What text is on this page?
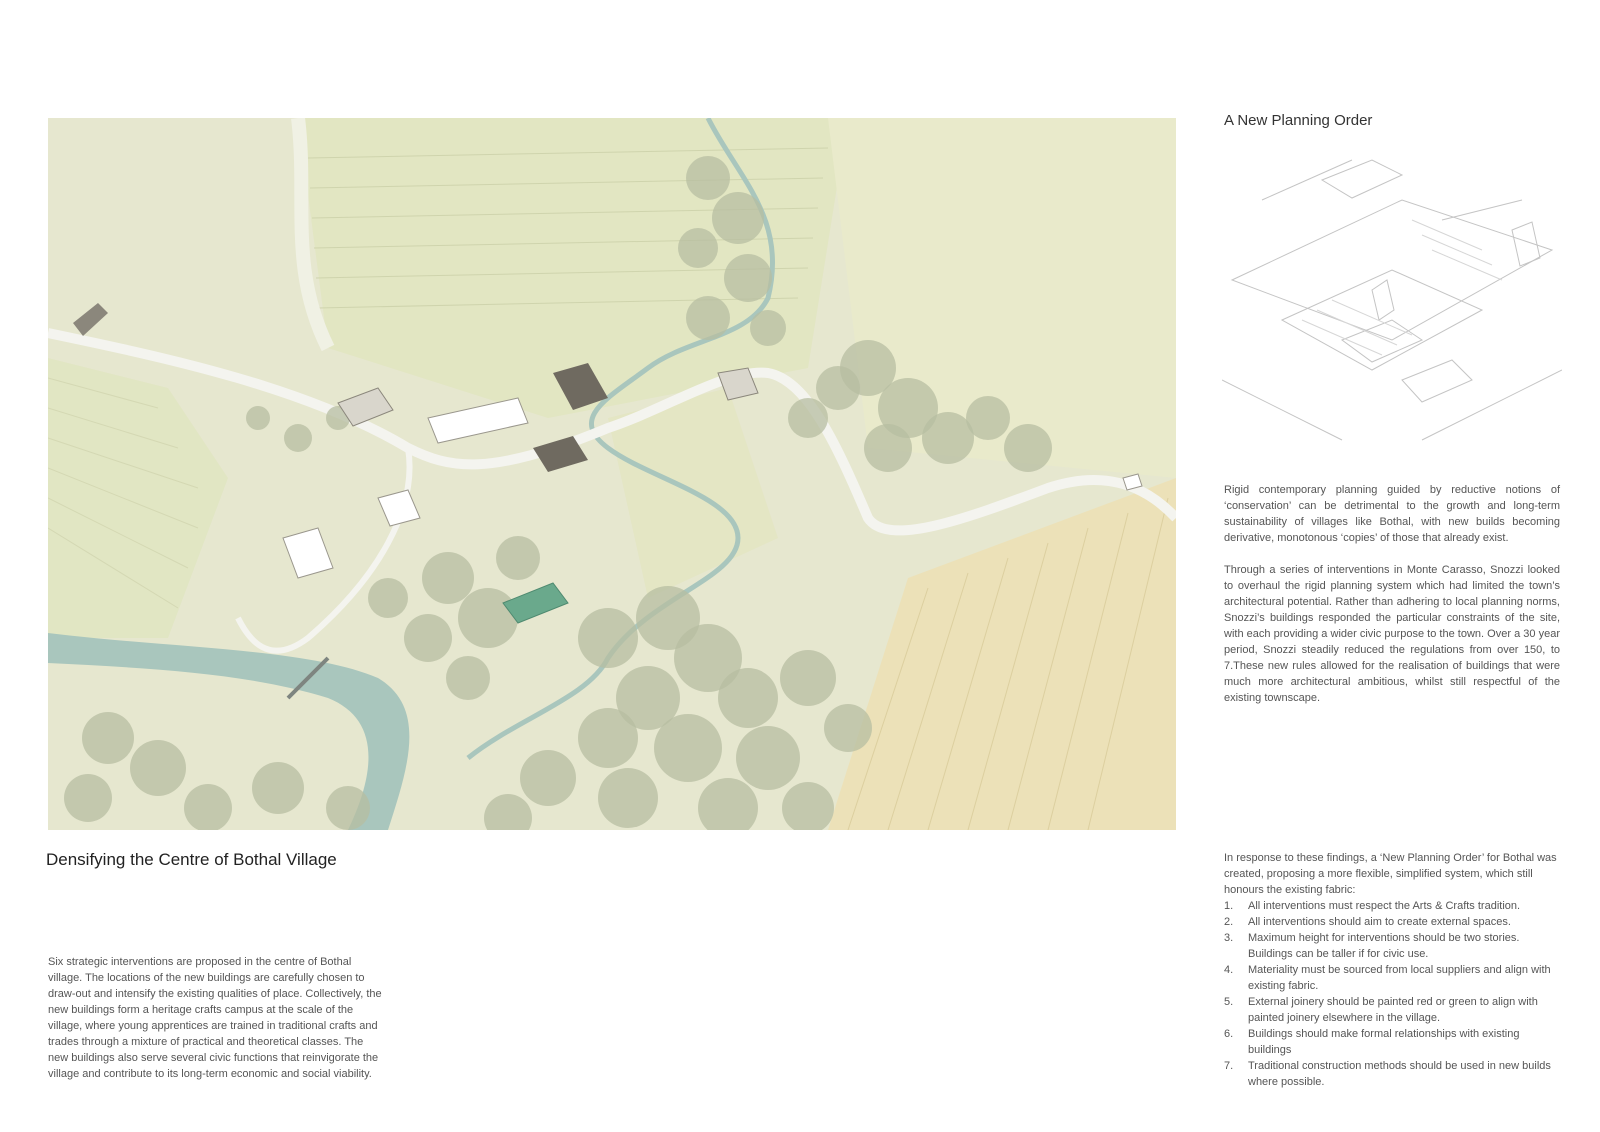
A New Planning Order

Rigid contemporary planning guided by reductive notions of ‘conservation’ can be detrimental to the growth and long-term sustainability of villages like Bothal, with new builds becoming derivative, monotonous ‘copies’ of those that already exist.

Through a series of interventions in Monte Carasso, Snozzi looked to overhaul the rigid planning system which had limited the town’s architectural potential. Rather than adhering to local planning norms, Snozzi’s buildings responded the particular constraints of the site, with each providing a wider civic purpose to the town. Over a 30 year period, Snozzi steadily reduced the regulations from over 150, to 7.These new rules allowed for the realisation of buildings that were much more architectural ambitious, whilst still respectful of the existing townscape.

In response to these findings, a ‘New Planning Order’ for Bothal was created, proposing a more flexible, simplified system, which still honours the existing fabric:

1. All interventions must respect the Arts & Crafts tradition.
2. All interventions should aim to create external spaces.
3. Maximum height for interventions should be two stories. Buildings can be taller if for civic use.
4. Materiality must be sourced from local suppliers and align with existing fabric.
5. External joinery should be painted red or green to align with painted joinery elsewhere in the village.
6. Buildings should make formal relationships with existing buildings
7. Traditional construction methods should be used in new builds where possible.
Densifying the Centre of Bothal Village

Six strategic interventions are proposed in the centre of Bothal village. The locations of the new buildings are carefully chosen to draw-out and intensify the existing qualities of place. Collectively, the new buildings form a heritage crafts campus at the scale of the village, where young apprentices are trained in traditional crafts and trades through a mixture of practical and theoretical classes. The new buildings also serve several civic functions that reinvigorate the village and contribute to its long-term economic and social viability.
